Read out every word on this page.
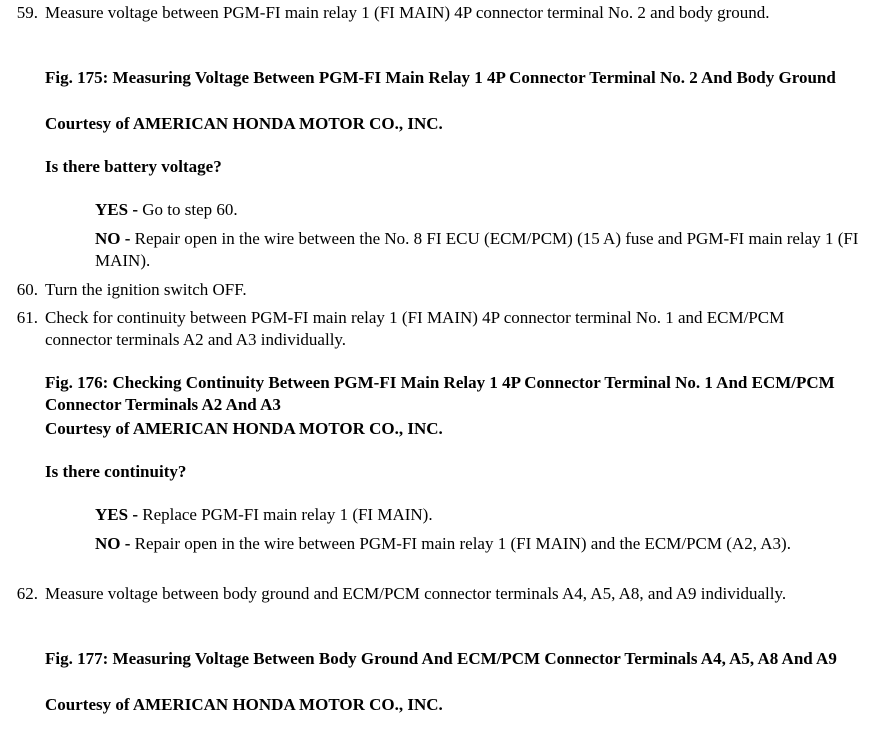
59. Measure voltage between PGM-FI main relay 1 (FI MAIN) 4P connector terminal No. 2 and body ground.
Fig. 175: Measuring Voltage Between PGM-FI Main Relay 1 4P Connector Terminal No. 2 And Body Ground
Courtesy of AMERICAN HONDA MOTOR CO., INC.
Is there battery voltage?
YES - Go to step 60.
NO - Repair open in the wire between the No. 8 FI ECU (ECM/PCM) (15 A) fuse and PGM-FI main relay 1 (FI MAIN).
60. Turn the ignition switch OFF.
61. Check for continuity between PGM-FI main relay 1 (FI MAIN) 4P connector terminal No. 1 and ECM/PCM connector terminals A2 and A3 individually.
Fig. 176: Checking Continuity Between PGM-FI Main Relay 1 4P Connector Terminal No. 1 And ECM/PCM Connector Terminals A2 And A3
Courtesy of AMERICAN HONDA MOTOR CO., INC.
Is there continuity?
YES - Replace PGM-FI main relay 1 (FI MAIN).
NO - Repair open in the wire between PGM-FI main relay 1 (FI MAIN) and the ECM/PCM (A2, A3).
62. Measure voltage between body ground and ECM/PCM connector terminals A4, A5, A8, and A9 individually.
Fig. 177: Measuring Voltage Between Body Ground And ECM/PCM Connector Terminals A4, A5, A8 And A9
Courtesy of AMERICAN HONDA MOTOR CO., INC.
